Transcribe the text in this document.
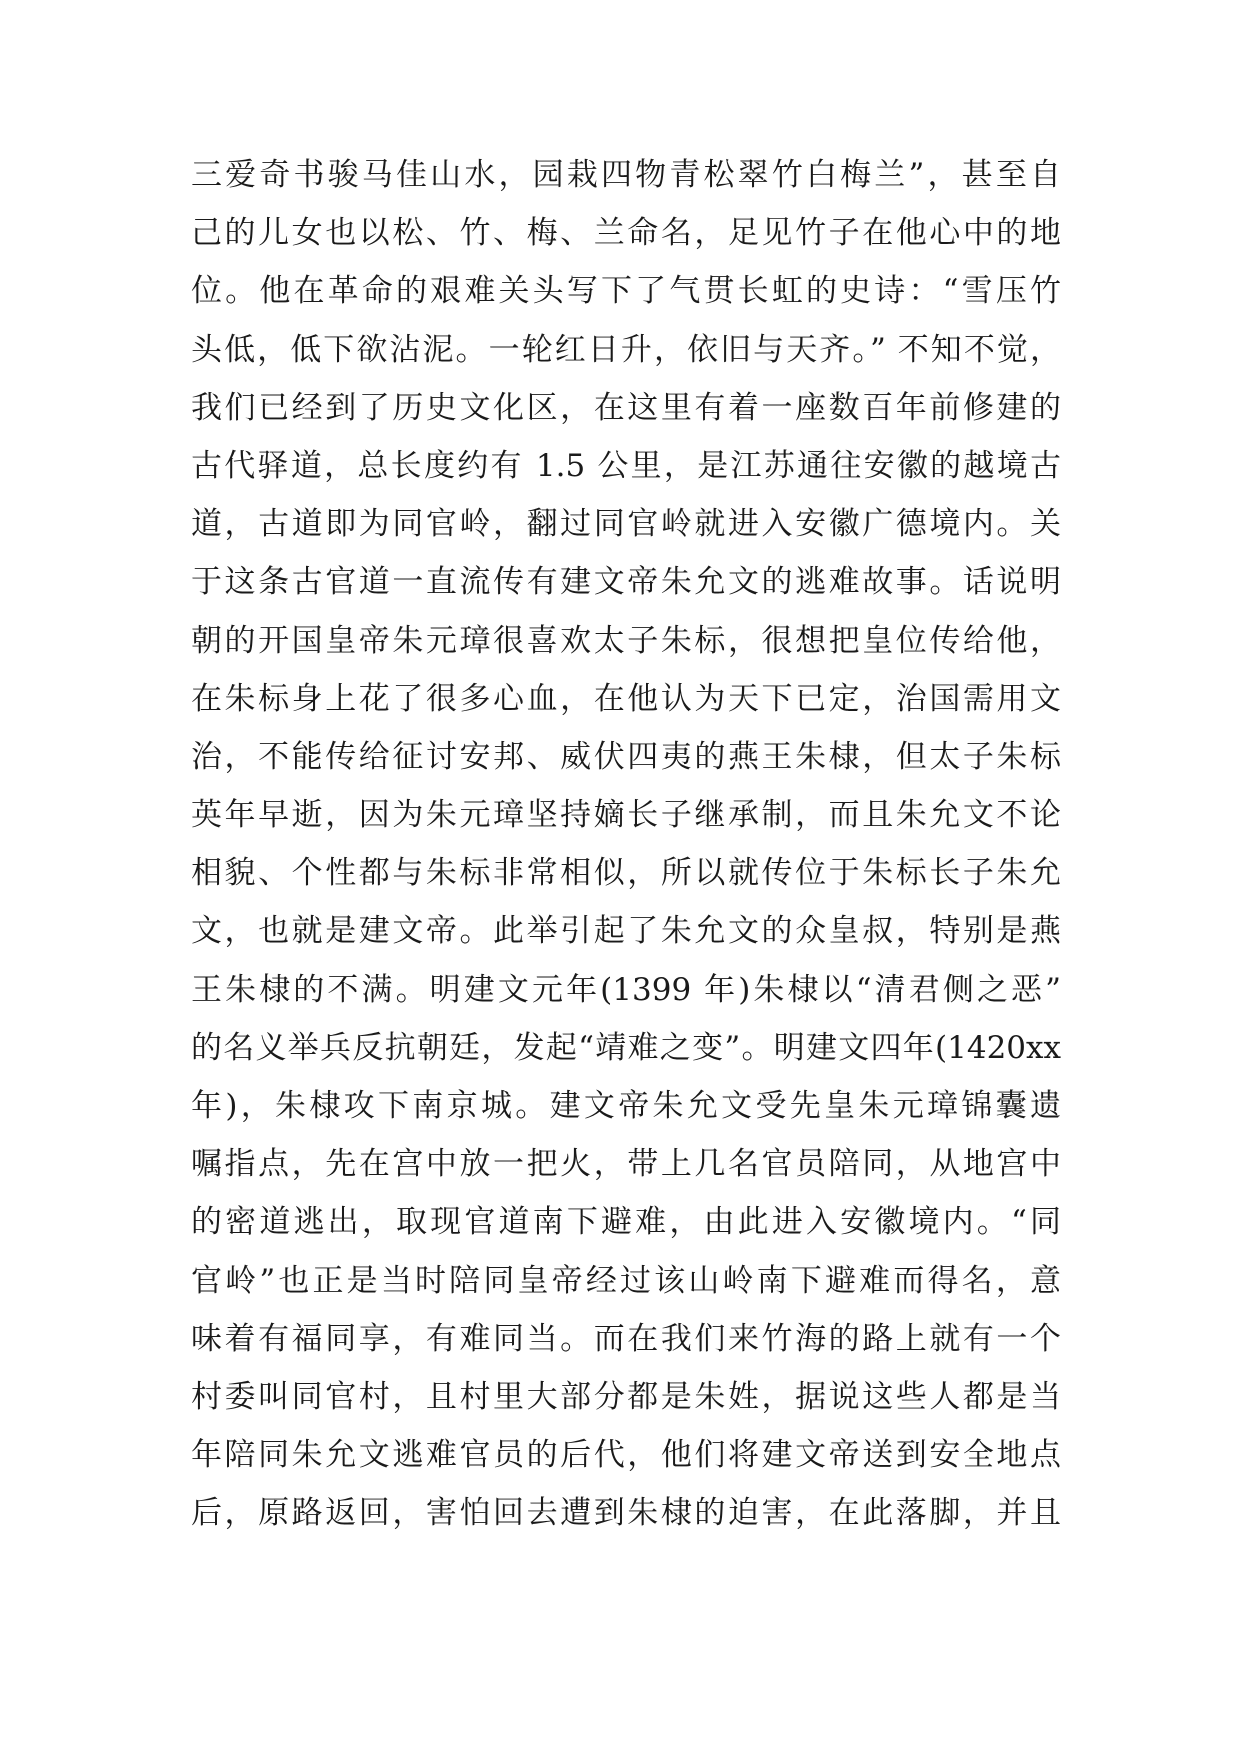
三爱奇书骏马佳山水，园栽四物青松翠竹白梅兰”，甚至自
己的儿女也以松、竹、梅、兰命名，足见竹子在他心中的地
位。他在革命的艰难关头写下了气贯长虹的史诗：“雪压竹
头低，低下欲沾泥。一轮红日升，依旧与天齐。” 不知不觉，
我们已经到了历史文化区，在这里有着一座数百年前修建的
古代驿道，总长度约有 1.5 公里，是江苏通往安徽的越境古
道，古道即为同官岭，翻过同官岭就进入安徽广德境内。关
于这条古官道一直流传有建文帝朱允文的逃难故事。话说明
朝的开国皇帝朱元璋很喜欢太子朱标，很想把皇位传给他，
在朱标身上花了很多心血，在他认为天下已定，治国需用文
治，不能传给征讨安邦、威伏四夷的燕王朱棣，但太子朱标
英年早逝，因为朱元璋坚持嫡长子继承制，而且朱允文不论
相貌、个性都与朱标非常相似，所以就传位于朱标长子朱允
文，也就是建文帝。此举引起了朱允文的众皇叔，特别是燕
王朱棣的不满。明建文元年(1399 年)朱棣以“清君侧之恶”
的名义举兵反抗朝廷，发起“靖难之变”。明建文四年(1420xx
年)，朱棣攻下南京城。建文帝朱允文受先皇朱元璋锦囊遗
嘱指点，先在宫中放一把火，带上几名官员陪同，从地宫中
的密道逃出，取现官道南下避难，由此进入安徽境内。“同
官岭”也正是当时陪同皇帝经过该山岭南下避难而得名，意
味着有福同享，有难同当。而在我们来竹海的路上就有一个
村委叫同官村，且村里大部分都是朱姓，据说这些人都是当
年陪同朱允文逃难官员的后代，他们将建文帝送到安全地点
后，原路返回，害怕回去遭到朱棣的迫害，在此落脚，并且
